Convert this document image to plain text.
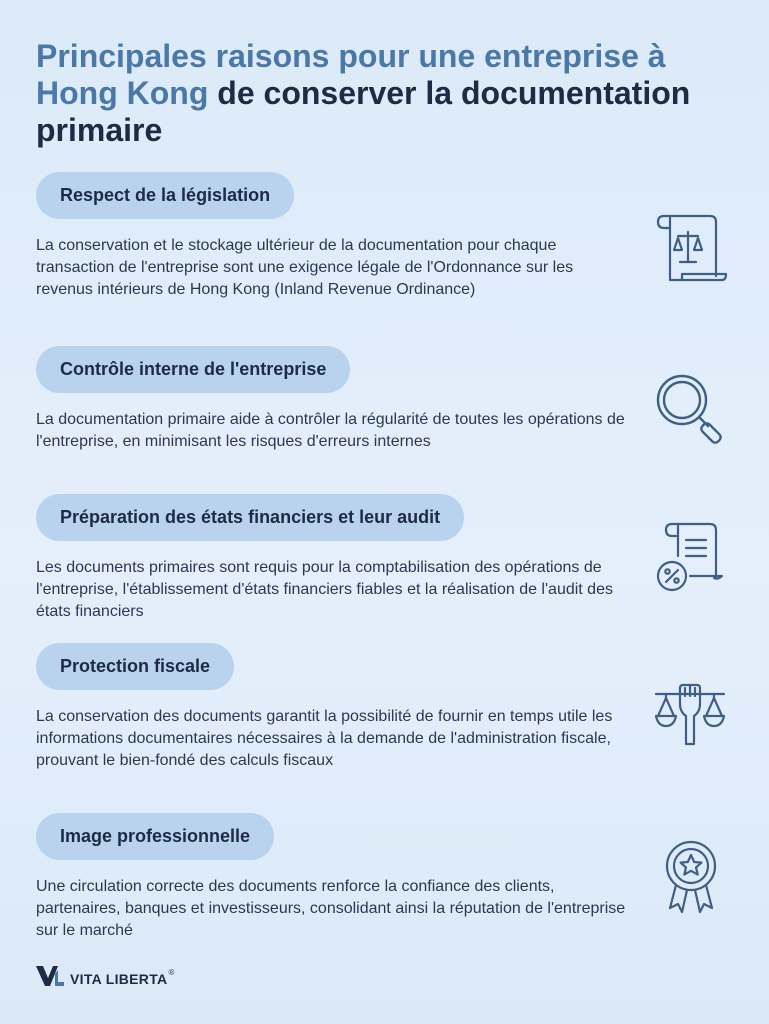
Principales raisons pour une entreprise à Hong Kong de conserver la documentation primaire
Respect de la législation

La conservation et le stockage ultérieur de la documentation pour chaque transaction de l'entreprise sont une exigence légale de l'Ordonnance sur les revenus intérieurs de Hong Kong (Inland Revenue Ordinance)

Contrôle interne de l'entreprise

La documentation primaire aide à contrôler la régularité de toutes les opérations de l'entreprise, en minimisant les risques d'erreurs internes

Préparation des états financiers et leur audit

Les documents primaires sont requis pour la comptabilisation des opérations de l'entreprise, l'établissement d'états financiers fiables et la réalisation de l'audit des états financiers

Protection fiscale

La conservation des documents garantit la possibilité de fournir en temps utile les informations documentaires nécessaires à la demande de l'administration fiscale, prouvant le bien-fondé des calculs fiscaux

Image professionnelle

Une circulation correcte des documents renforce la confiance des clients, partenaires, banques et investisseurs, consolidant ainsi la réputation de l'entreprise sur le marché

VITA LIBERTA ®
